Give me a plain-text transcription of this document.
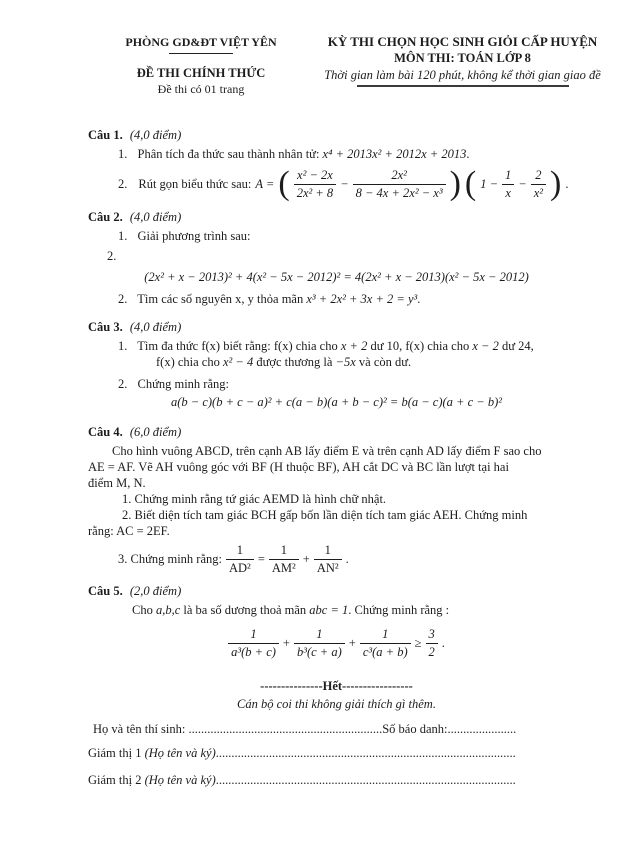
PHÒNG GD&ĐT VIỆT YÊN
ĐỀ THI CHÍNH THỨC
Đề thi có 01 trang
KỲ THI CHỌN HỌC SINH GIỎI CẤP HUYỆN
MÔN THI: TOÁN LỚP 8
Thời gian làm bài 120 phút, không kể thời gian giao đề
Câu 1. (4,0 điểm)
1. Phân tích đa thức sau thành nhân tử: x⁴ + 2013x² + 2012x + 2013.
2. Rút gọn biểu thức sau: A = ( $\frac{\text{x² − 2x}}{\text{2x² + 8}} - \frac{\text{2x²}}{\text{8 − 4x + 2x² − x³}}$ ) ( $1 - \frac{1}{x} - \frac{2}{\text{x²}}$ ) .
Câu 2. (4,0 điểm)
1. Giải phương trình sau:
2.
(2x² + x − 2013)² + 4(x² − 5x − 2012)² = 4(2x² + x − 2013)(x² − 5x − 2012)
2. Tìm các số nguyên x, y thỏa mãn x³ + 2x² + 3x + 2 = y³.
Câu 3. (4,0 điểm)
1. Tìm đa thức f(x) biết rằng: f(x) chia cho x + 2 dư 10, f(x) chia cho x − 2 dư 24,
f(x) chia cho x² − 4 được thương là −5x và còn dư.
2. Chứng minh rằng:
a(b − c)(b + c − a)² + c(a − b)(a + b − c)² = b(a − c)(a + c − b)²
Câu 4. (6,0 điểm)
Cho hình vuông ABCD, trên cạnh AB lấy điểm E và trên cạnh AD lấy điểm F sao cho
AE = AF. Vẽ AH vuông góc với BF (H thuộc BF), AH cắt DC và BC lần lượt tại hai
điểm M, N.
1. Chứng minh rằng tứ giác AEMD là hình chữ nhật.
2. Biết diện tích tam giác BCH gấp bốn lần diện tích tam giác AEH. Chứng minh
rằng: AC = 2EF.
3. Chứng minh rằng: $\frac{1}{\text{AD²}} = \frac{1}{\text{AM²}} + \frac{1}{\text{AN²}}$ .
Câu 5. (2,0 điểm)
Cho a,b,c là ba số dương thoả mãn abc = 1. Chứng minh rằng :
$\frac{1}{\text{a³(b + c)}} + \frac{1}{\text{b³(c + a)}} + \frac{1}{\text{c³(a + b)}} \ge \frac{3}{2}$ .
---------------Hết-----------------
Cán bộ coi thi không giải thích gì thêm.
Họ và tên thí sinh: ..............................................................Số báo danh:......................
Giám thị 1 (Họ tên và ký)................................................................................................
Giám thị 2 (Họ tên và ký)................................................................................................
